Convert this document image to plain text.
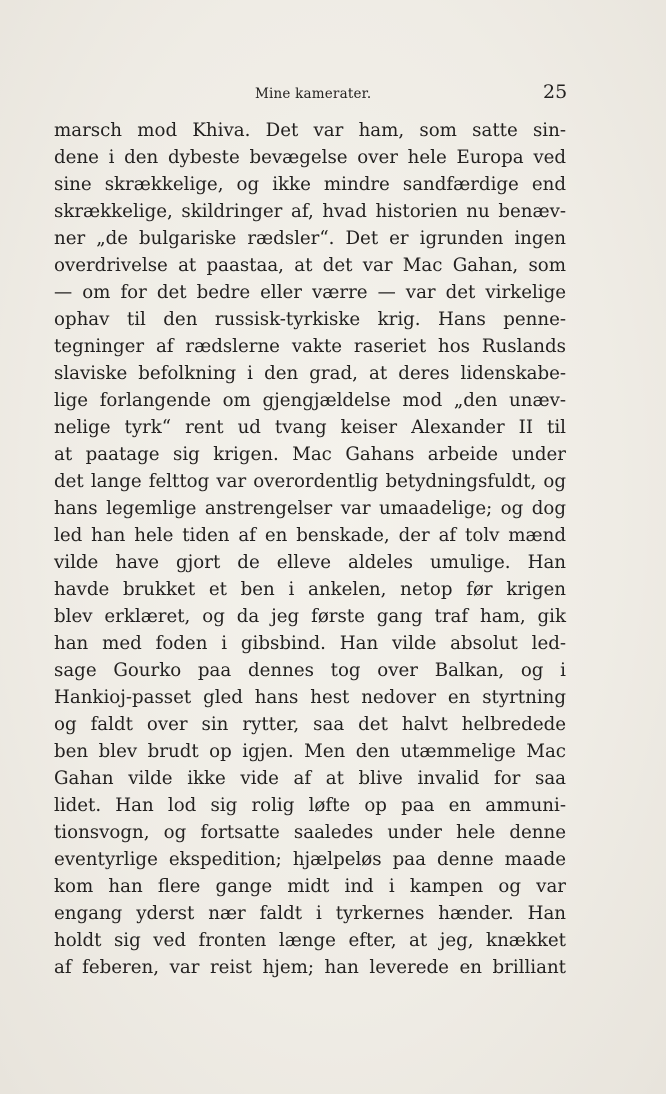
Mine kamerater.	25
marsch mod Khiva. Det var ham, som satte sin-
dene i den dybeste bevægelse over hele Europa ved
sine skrækkelige, og ikke mindre sandfærdige end
skrækkelige, skildringer af, hvad historien nu benæv-
ner „de bulgariske rædsler“. Det er igrunden ingen
overdrivelse at paastaa, at det var Mac Gahan, som
— om for det bedre eller værre — var det virkelige
ophav til den russisk-tyrkiske krig. Hans penne-
tegninger af rædslerne vakte raseriet hos Ruslands
slaviske befolkning i den grad, at deres lidenskabe-
lige forlangende om gjengjældelse mod „den unæv-
nelige tyrk“ rent ud tvang keiser Alexander II til
at paatage sig krigen. Mac Gahans arbeide under
det lange felttog var overordentlig betydningsfuldt, og
hans legemlige anstrengelser var umaadelige; og dog
led han hele tiden af en benskade, der af tolv mænd
vilde have gjort de elleve aldeles umulige. Han
havde brukket et ben i ankelen, netop før krigen
blev erklæret, og da jeg første gang traf ham, gik
han med foden i gibsbind. Han vilde absolut led-
sage Gourko paa dennes tog over Balkan, og i
Hankioj-passet gled hans hest nedover en styrtning
og faldt over sin rytter, saa det halvt helbredede
ben blev brudt op igjen. Men den utæmmelige Mac
Gahan vilde ikke vide af at blive invalid for saa
lidet. Han lod sig rolig løfte op paa en ammuni-
tionsvogn, og fortsatte saaledes under hele denne
eventyrlige ekspedition; hjælpeløs paa denne maade
kom han flere gange midt ind i kampen og var
engang yderst nær faldt i tyrkernes hænder. Han
holdt sig ved fronten længe efter, at jeg, knækket
af feberen, var reist hjem; han leverede en brilliant
